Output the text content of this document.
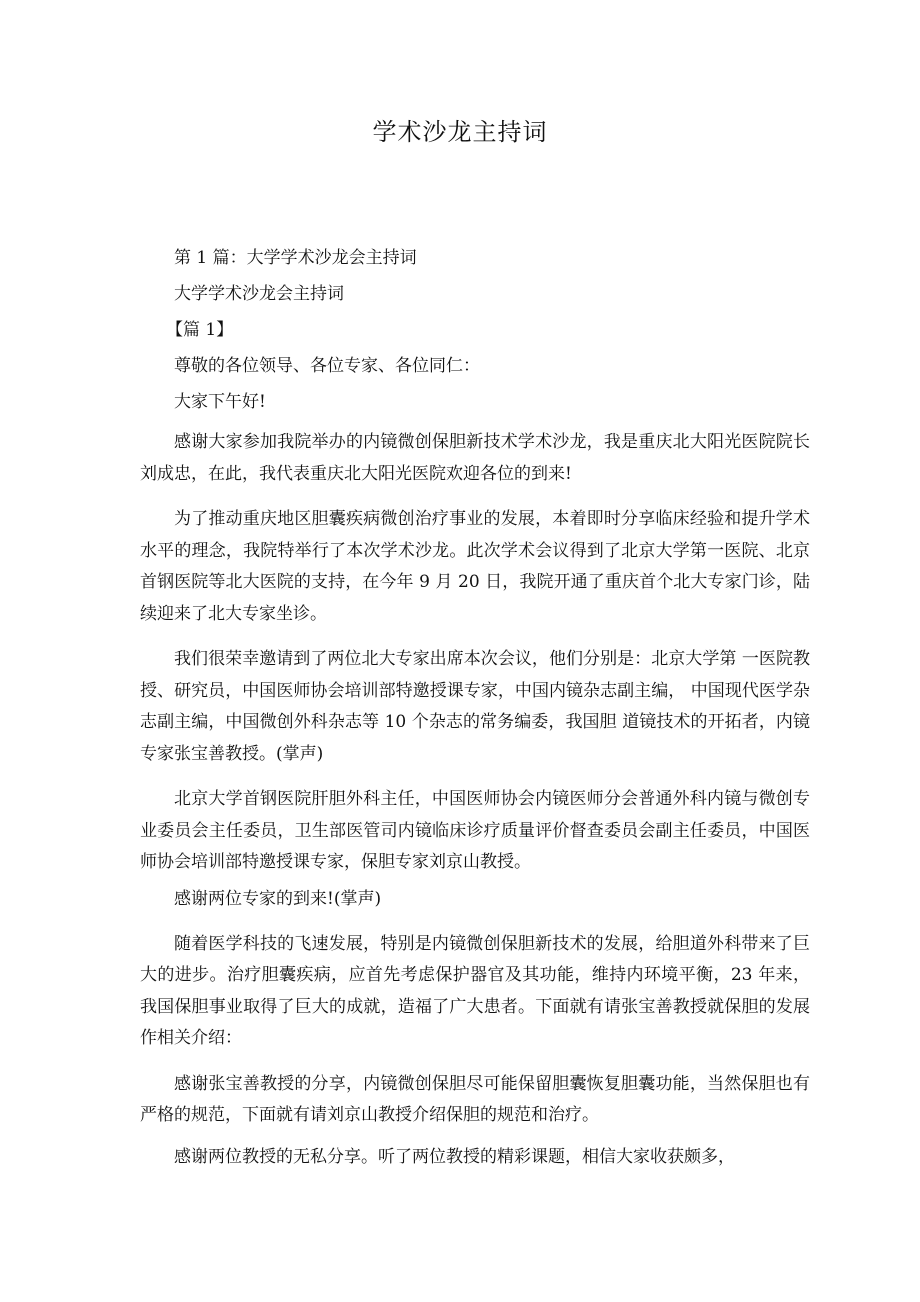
学术沙龙主持词

第 1 篇：大学学术沙龙会主持词

大学学术沙龙会主持词

【篇 1】

尊敬的各位领导、各位专家、各位同仁：

大家下午好!

感谢大家参加我院举办的内镜微创保胆新技术学术沙龙，我是重庆北大阳光医院院长刘成忠，在此，我代表重庆北大阳光医院欢迎各位的到来!

为了推动重庆地区胆囊疾病微创治疗事业的发展，本着即时分享临床经验和提升学术水平的理念，我院特举行了本次学术沙龙。此次学术会议得到了北京大学第一医院、北京首钢医院等北大医院的支持，在今年 9 月 20 日，我院开通了重庆首个北大专家门诊，陆续迎来了北大专家坐诊。

我们很荣幸邀请到了两位北大专家出席本次会议，他们分别是：北京大学第 一医院教授、研究员，中国医师协会培训部特邀授课专家，中国内镜杂志副主编， 中国现代医学杂志副主编，中国微创外科杂志等 10 个杂志的常务编委，我国胆 道镜技术的开拓者，内镜专家张宝善教授。(掌声)

北京大学首钢医院肝胆外科主任，中国医师协会内镜医师分会普通外科内镜与微创专业委员会主任委员，卫生部医管司内镜临床诊疗质量评价督查委员会副主任委员，中国医师协会培训部特邀授课专家，保胆专家刘京山教授。

感谢两位专家的到来!(掌声)

随着医学科技的飞速发展，特别是内镜微创保胆新技术的发展，给胆道外科带来了巨大的进步。治疗胆囊疾病，应首先考虑保护器官及其功能，维持内环境平衡，23 年来，我国保胆事业取得了巨大的成就，造福了广大患者。下面就有请张宝善教授就保胆的发展作相关介绍：

感谢张宝善教授的分享，内镜微创保胆尽可能保留胆囊恢复胆囊功能，当然保胆也有严格的规范，下面就有请刘京山教授介绍保胆的规范和治疗。

感谢两位教授的无私分享。听了两位教授的精彩课题，相信大家收获颇多，
